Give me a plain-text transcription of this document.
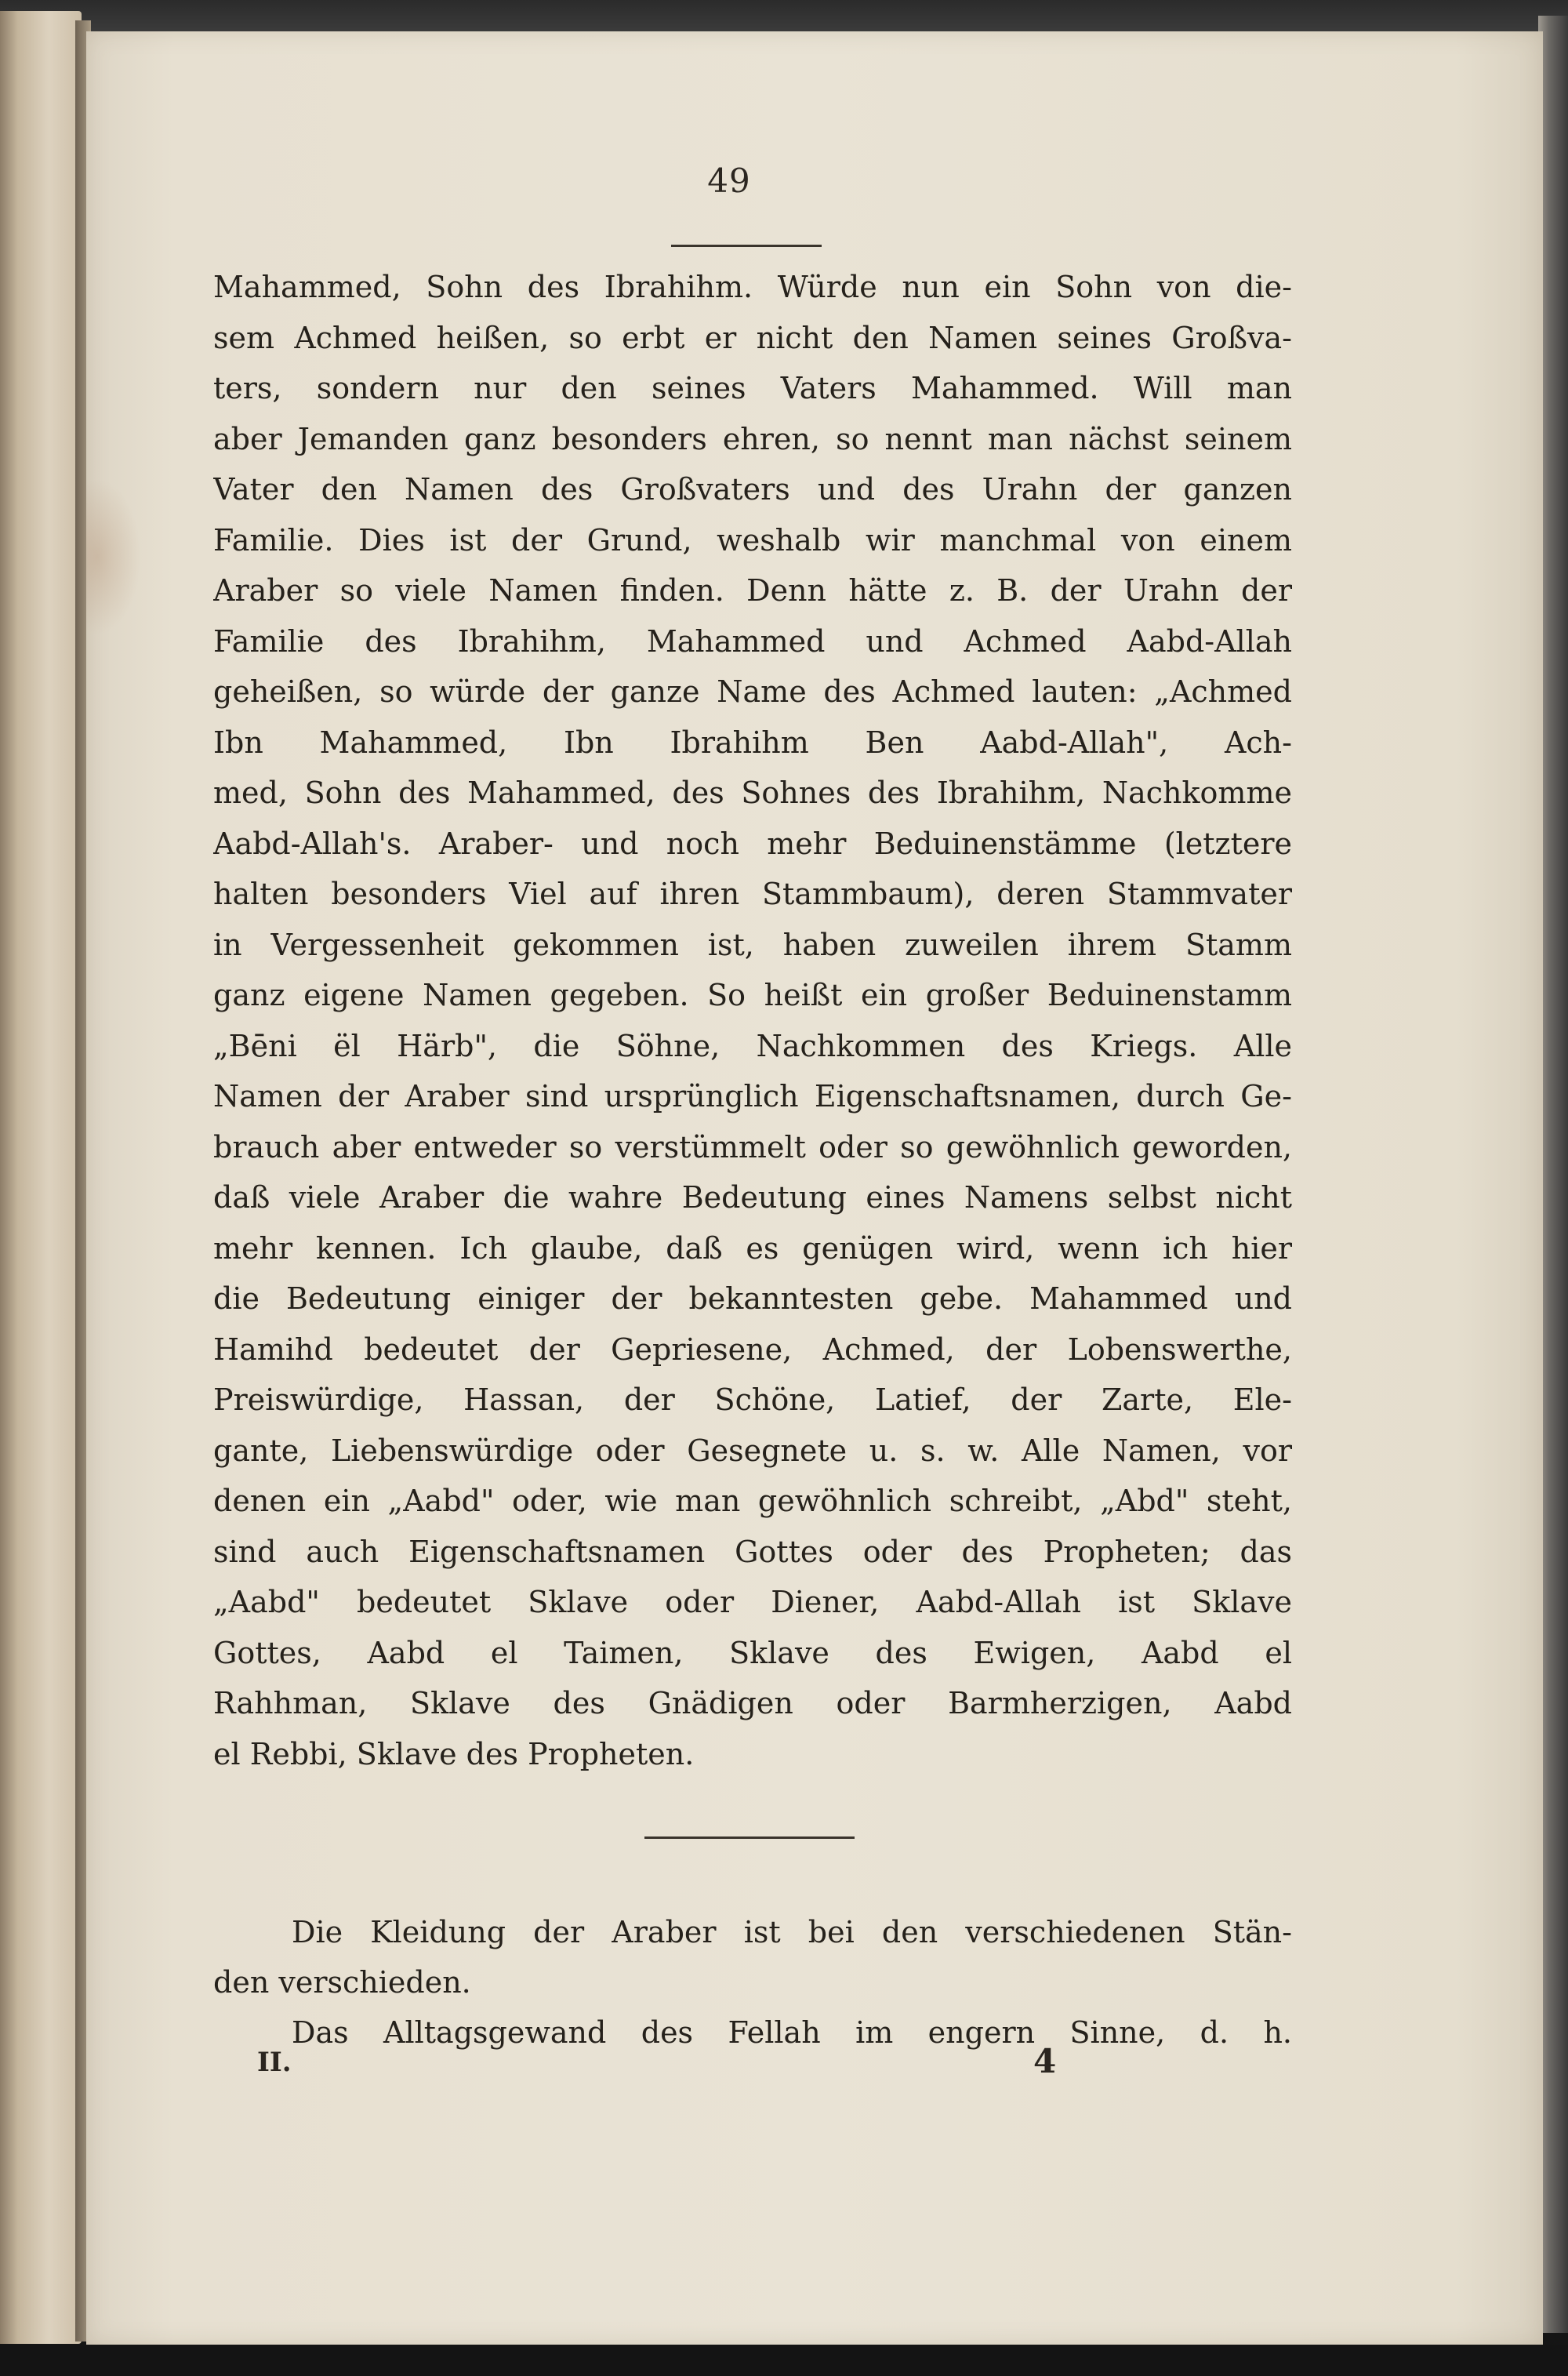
49
Mahammed, Sohn des Ibrahihm. Würde nun ein Sohn von die-
sem Achmed heißen, so erbt er nicht den Namen seines Großva-
ters, sondern nur den seines Vaters Mahammed. Will man
aber Jemanden ganz besonders ehren, so nennt man nächst seinem
Vater den Namen des Großvaters und des Urahn der ganzen
Familie. Dies ist der Grund, weshalb wir manchmal von einem
Araber so viele Namen finden. Denn hätte z. B. der Urahn der
Familie des Ibrahihm, Mahammed und Achmed Aabd-Allah
geheißen, so würde der ganze Name des Achmed lauten: „Achmed
Ibn Mahammed, Ibn Ibrahihm Ben Aabd-Allah", Ach-
med, Sohn des Mahammed, des Sohnes des Ibrahihm, Nachkomme
Aabd-Allah's. Araber- und noch mehr Beduinenstämme (letztere
halten besonders Viel auf ihren Stammbaum), deren Stammvater
in Vergessenheit gekommen ist, haben zuweilen ihrem Stamm
ganz eigene Namen gegeben. So heißt ein großer Beduinenstamm
„Bēni ël Härb", die Söhne, Nachkommen des Kriegs. Alle
Namen der Araber sind ursprünglich Eigenschaftsnamen, durch Ge-
brauch aber entweder so verstümmelt oder so gewöhnlich geworden,
daß viele Araber die wahre Bedeutung eines Namens selbst nicht
mehr kennen. Ich glaube, daß es genügen wird, wenn ich hier
die Bedeutung einiger der bekanntesten gebe. Mahammed und
Hamihd bedeutet der Gepriesene, Achmed, der Lobenswerthe,
Preiswürdige, Hassan, der Schöne, Latief, der Zarte, Ele-
gante, Liebenswürdige oder Gesegnete u. s. w. Alle Namen, vor
denen ein „Aabd" oder, wie man gewöhnlich schreibt, „Abd" steht,
sind auch Eigenschaftsnamen Gottes oder des Propheten; das
„Aabd" bedeutet Sklave oder Diener, Aabd-Allah ist Sklave
Gottes, Aabd el Taimen, Sklave des Ewigen, Aabd el
Rahhman, Sklave des Gnädigen oder Barmherzigen, Aabd
el Rebbi, Sklave des Propheten.
Die Kleidung der Araber ist bei den verschiedenen Stän-
den verschieden.
Das Alltagsgewand des Fellah im engern Sinne, d. h.
II.	4
